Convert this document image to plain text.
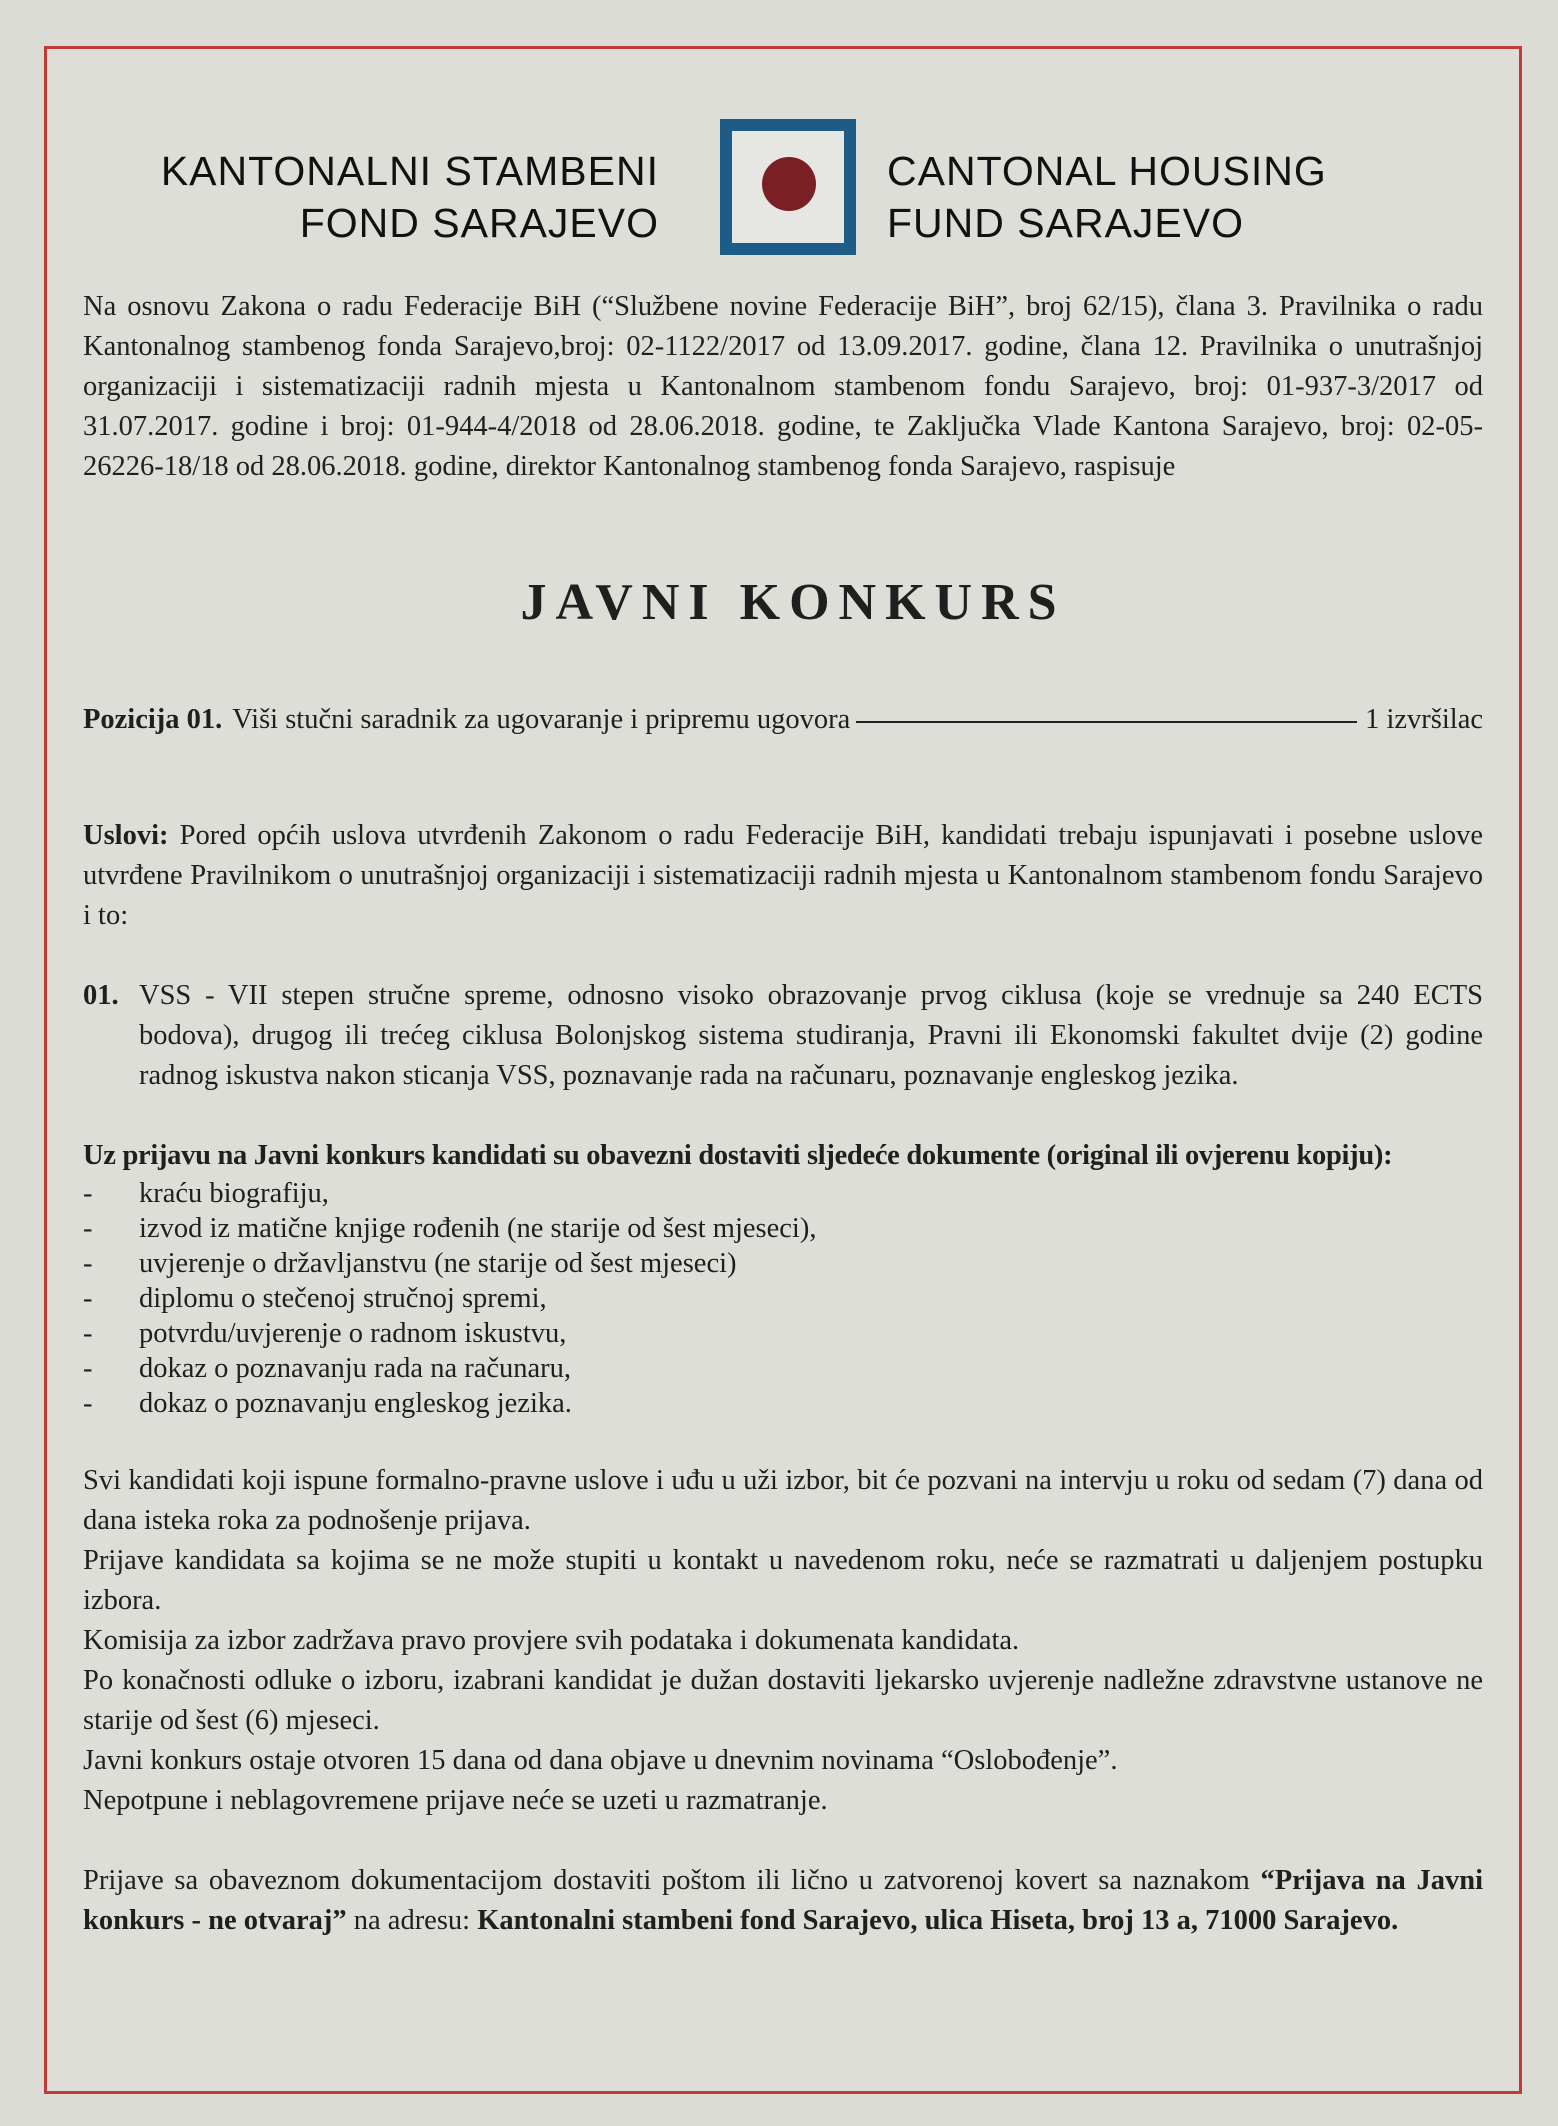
KANTONALNI STAMBENI
FOND SARAJEVO
CANTONAL HOUSING
FUND SARAJEVO

Na osnovu Zakona o radu Federacije BiH (“Službene novine Federacije BiH”, broj 62/15), člana 3. Pravilnika o radu Kantonalnog stambenog fonda Sarajevo,broj: 02-1122/2017 od 13.09.2017. godine, člana 12. Pravilnika o unutrašnjoj organizaciji i sistematizaciji radnih mjesta u Kantonalnom stambenom fondu Sarajevo, broj: 01-937-3/2017 od 31.07.2017. godine i broj: 01-944-4/2018 od 28.06.2018. godine, te Zaključka Vlade Kantona Sarajevo, broj: 02-05-26226-18/18 od 28.06.2018. godine, direktor Kantonalnog stambenog fonda Sarajevo, raspisuje

JAVNI KONKURS
Pozicija 01. Viši stučni saradnik za ugovaranje i pripremu ugovora	1 izvršilac

Uslovi: Pored općih uslova utvrđenih Zakonom o radu Federacije BiH, kandidati trebaju ispunjavati i posebne uslove utvrđene Pravilnikom o unutrašnjoj organizaciji i sistematizaciji radnih mjesta u Kantonalnom stambenom fondu Sarajevo i to:

01. VSS - VII stepen stručne spreme, odnosno visoko obrazovanje prvog ciklusa (koje se vrednuje sa 240 ECTS bodova), drugog ili trećeg ciklusa Bolonjskog sistema studiranja, Pravni ili Ekonomski fakultet dvije (2) godine radnog iskustva nakon sticanja VSS, poznavanje rada na računaru, poznavanje engleskog jezika.

Uz prijavu na Javni konkurs kandidati su obavezni dostaviti sljedeće dokumente (original ili ovjerenu kopiju):

-	kraću biografiju,
-	izvod iz matične knjige rođenih (ne starije od šest mjeseci),
-	uvjerenje o državljanstvu (ne starije od šest mjeseci)
-	diplomu o stečenoj stručnoj spremi,
-	potvrdu/uvjerenje o radnom iskustvu,
-	dokaz o poznavanju rada na računaru,
-	dokaz o poznavanju engleskog jezika.

Svi kandidati koji ispune formalno-pravne uslove i uđu u uži izbor, bit će pozvani na intervju u roku od sedam (7) dana od dana isteka roka za podnošenje prijava.

Prijave kandidata sa kojima se ne može stupiti u kontakt u navedenom roku, neće se razmatrati u daljenjem postupku izbora.

Komisija za izbor zadržava pravo provjere svih podataka i dokumenata kandidata.

Po konačnosti odluke o izboru, izabrani kandidat je dužan dostaviti ljekarsko uvjerenje nadležne zdravstvne ustanove ne starije od šest (6) mjeseci.

Javni konkurs ostaje otvoren 15 dana od dana objave u dnevnim novinama “Oslobođenje”.

Nepotpune i neblagovremene prijave neće se uzeti u razmatranje.

Prijave sa obaveznom dokumentacijom dostaviti poštom ili lično u zatvorenoj kovert sa naznakom “Prijava na Javni konkurs - ne otvaraj” na adresu: Kantonalni stambeni fond Sarajevo, ulica Hiseta, broj 13 a, 71000 Sarajevo.
